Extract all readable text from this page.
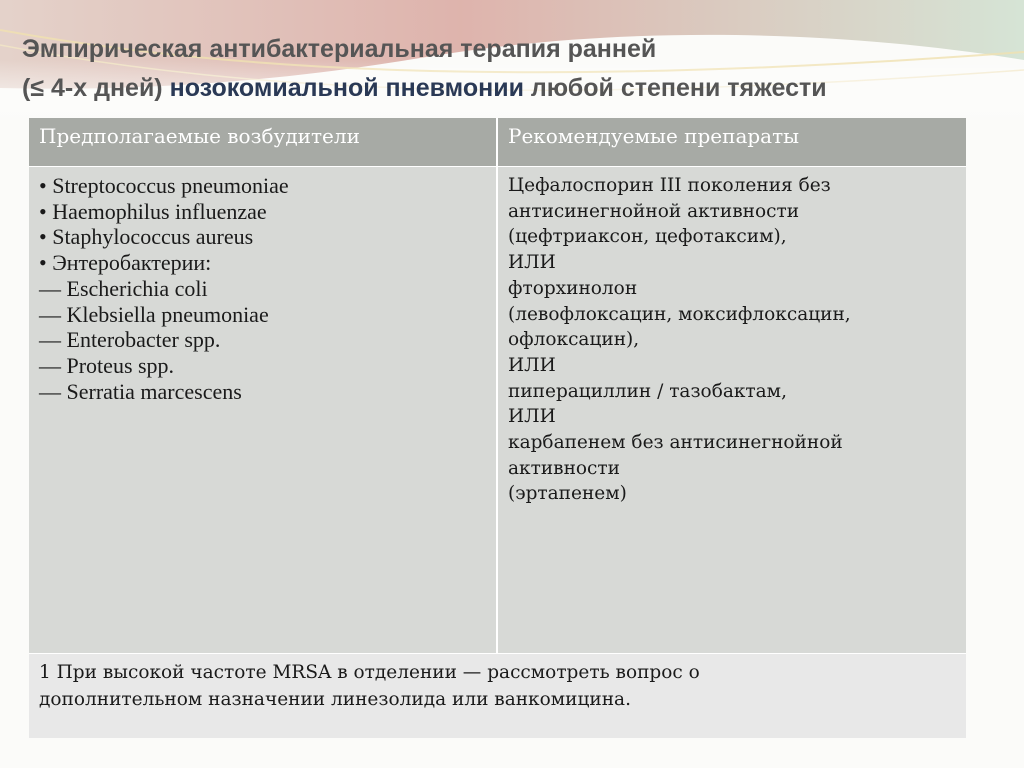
Эмпирическая антибактериальная терапия ранней
(≤ 4-х дней) нозокомиальной пневмонии любой степени тяжести
Предполагаемые возбудители	Рекомендуемые препараты
• Streptococcus pneumoniae
• Haemophilus influenzae
• Staphylococcus aureus
• Энтеробактерии:
— Escherichia coli
— Klebsiella pneumoniae
— Enterobacter spp.
— Proteus spp.
— Serratia marcescens
Цефалоспорин III поколения без
антисинегнойной активности
(цефтриаксон, цефотаксим),
ИЛИ
фторхинолон
(левофлоксацин, моксифлоксацин,
офлоксацин),
ИЛИ
пиперациллин / тазобактам,
ИЛИ
карбапенем без антисинегнойной
активности
(эртапенем)
1 При высокой частоте MRSA в отделении — рассмотреть вопрос о
дополнительном назначении линезолида или ванкомицина.
